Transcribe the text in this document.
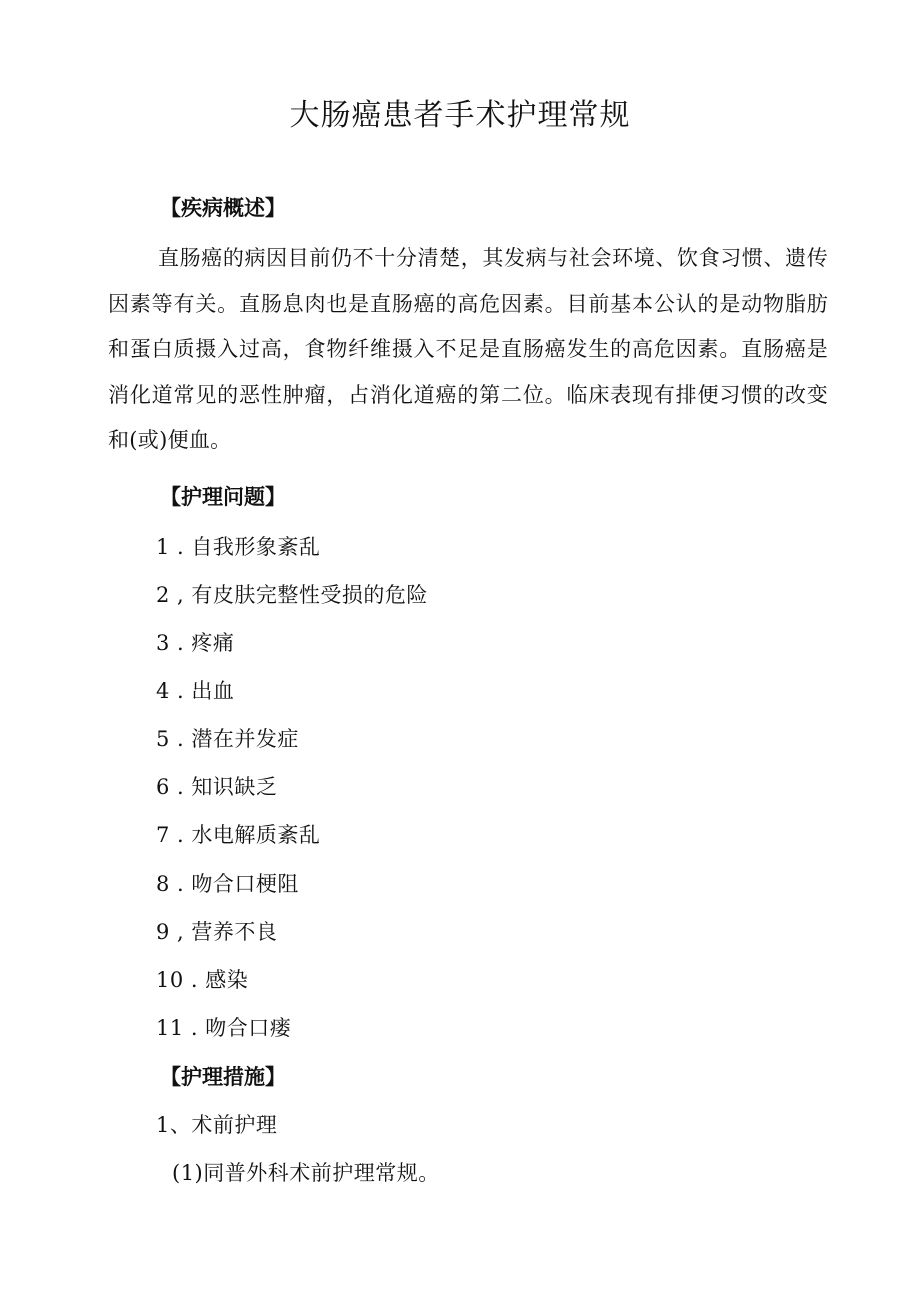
大肠癌患者手术护理常规
【疾病概述】

直肠癌的病因目前仍不十分清楚，其发病与社会环境、饮食习惯、遗传因素等有关。直肠息肉也是直肠癌的高危因素。目前基本公认的是动物脂肪和蛋白质摄入过高，食物纤维摄入不足是直肠癌发生的高危因素。直肠癌是消化道常见的恶性肿瘤，占消化道癌的第二位。临床表现有排便习惯的改变和(或)便血。

【护理问题】
1 . 自我形象紊乱
2 , 有皮肤完整性受损的危险
3 . 疼痛
4 . 出血
5 . 潜在并发症
6 . 知识缺乏
7 . 水电解质紊乱
8 . 吻合口梗阻
9 , 营养不良
10 . 感染
11 . 吻合口瘘
【护理措施】
1、术前护理
(1)同普外科术前护理常规。
